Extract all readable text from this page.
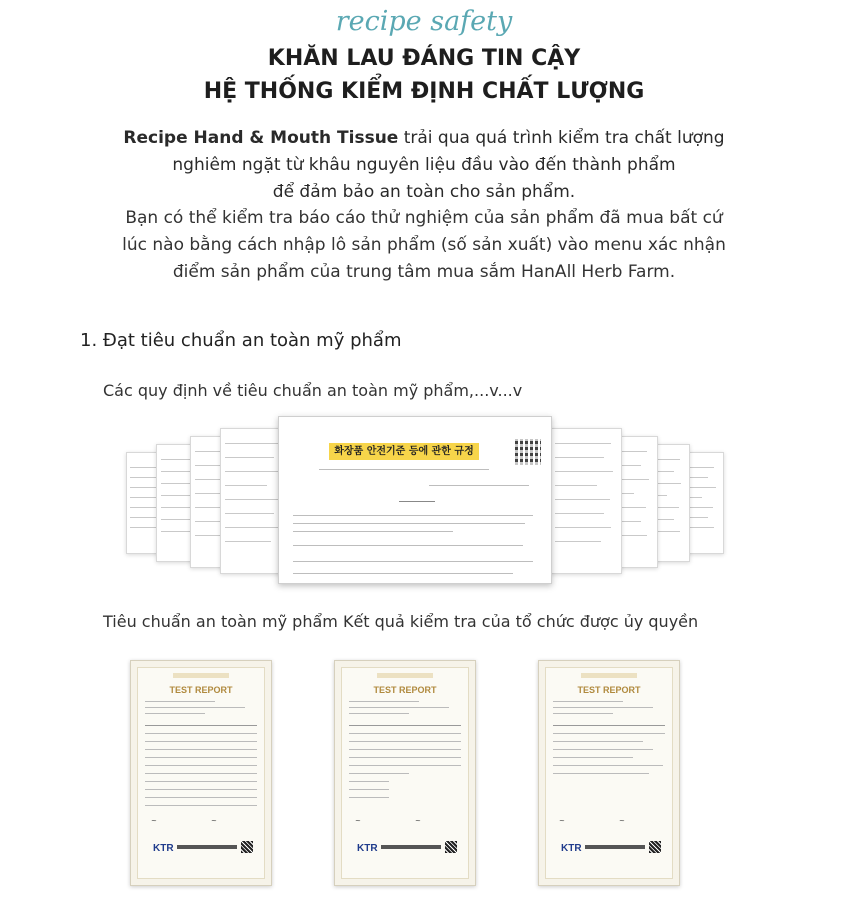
recipe safety
KHĂN LAU ĐÁNG TIN CẬY
HỆ THỐNG KIỂM ĐỊNH CHẤT LƯỢNG
Recipe Hand & Mouth Tissue trải qua quá trình kiểm tra chất lượng
nghiêm ngặt từ khâu nguyên liệu đầu vào đến thành phẩm
để đảm bảo an toàn cho sản phẩm.
Bạn có thể kiểm tra báo cáo thử nghiệm của sản phẩm đã mua bất cứ
lúc nào bằng cách nhập lô sản phẩm (số sản xuất) vào menu xác nhận
điểm sản phẩm của trung tâm mua sắm HanAll Herb Farm.
1. Đạt tiêu chuẩn an toàn mỹ phẩm
Các quy định về tiêu chuẩn an toàn mỹ phẩm,...v...v
화장품 안전기준 등에 관한 규정
Tiêu chuẩn an toàn mỹ phẩm Kết quả kiểm tra của tổ chức được ủy quyền
TEST REPORT
~	~
KTR
TEST REPORT
~	~
KTR
TEST REPORT
~	~
KTR
